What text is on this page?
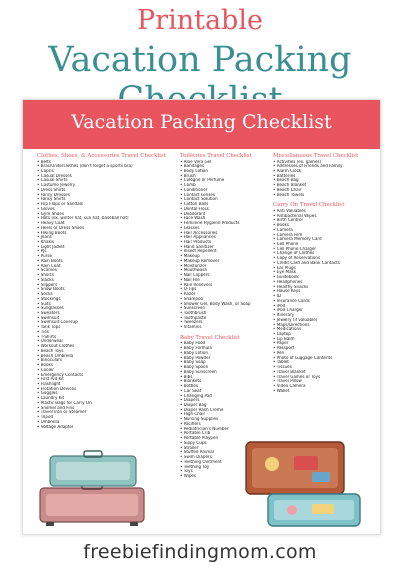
Printable
Vacation Packing
Vacation Packing Checklist
Clothes, Shoes, & Accessories Travel Checklist
• Belts
• Bras/Underclothes (don't forget a sports bra)
• Capris
• Casual Dresses
• Casual Shirts
• Costume Jewelry
• Dress Shirts
• Fancy Dresses
• Fancy Shirts
• Flip Flops or Sandals
• Gloves
• Gym Shoes
• Hats (ex. winter hat, sun hat, baseball hat)
• Heavy Coat
• Heels or Dress Shoes
• Hiking Boots
• Jeans
• Khakis
• Light Jacket
• PJs
• Purse
• Rain Boots
• Rain Coat
• Scarves
• Shorts
• Slacks
• Slippers
• Snow Boots
• Socks
• Stockings
• Suits
• Sunglasses
• Sweaters
• Swimsuit
• Swimsuit Coverup
• Tank Tops
• Ties
• T-Shirts
• Underwear
• Workout Clothes
• Beach Toys
• Beach Umbrella
• Binoculars
• Books
• Cooler
• Emergency Contacts
• First Aid Kit
• Flashlight
• Flotation Devices
• Goggles
• Laundry Kit
• Plastic Bags for Carry On
• Snorkel and Fins
• Travel Iron or Steamer
• Tripod
• Umbrella
• Voltage Adapter
Toiletries Travel Checklist
• Aloe Vera Gel
• Bandages
• Body Lotion
• Brush
• Cologne or Perfume
• Comb
• Conditioner
• Contact Lenses
• Contact Solution
• Cotton Balls
• Dental Floss
• Deodorant
• Face Wash
• Feminine Hygiene Products
• Glasses
• Hair Accessories
• Hair Appliances
• Hair Products
• Hand Sanitizer
• Insect Repellent
• Makeup
• Makeup Remover
• Moisturizer
• Mouthwash
• Nail Clippers
• Nail File
• Pain Relievers
• Q-Tips
• Razor
• Shampoo
• Shower Gel, Body Wash, or Soap
• Sunscreen
• Toothbrush
• Toothpaste
• Tweezers
• Vitamins
Baby Travel Checklist
• Baby Food
• Baby Formula
• Baby Lotion
• Baby Powder
• Baby Soap
• Baby Spoon
• Baby Sunscreen
• Bibs
• Blankets
• Bottles
• Car Seat
• Changing Pad
• Diapers
• Diaper Bag
• Diaper Rash Creme
• High Chair
• Nursing Supplies
• Pacifiers
• Pediatrician's Number
• Portable Crib
• Portable Playpen
• Sippy Cups
• Stroller
• Stuffed Animal
• Swim Diapers
• Teething Ointment
• Teething Toy
• Toys
• Wipes
Miscellaneous Travel Checklist
• Activities (ex. games)
• Addresses of Friends and Family
• Alarm Clock
• Batteries
• Beach Bag
• Beach Blanket
• Beach Chair
• Beach Towels
Carry On Travel Checklist
• Anti Valuables
• Antibacterial Wipes
• Birth Control
• Books
• Camera
• Camera Film
• Camera Memory Card
• Cell Phone
• Cell Phone Charger
• Change of Clothes
• Copy of Reservations
• Credit Card and Bank Contacts
• Ear Plugs
• Eye Mask
• Guidebook
• Headphones
• Healthy Snacks
• House Keys
• ID
• Insurance Cards
• iPod
• iPod Charger
• Itinerary
• Jewelry (if valuable)
• Maps/Directions
• Medications
• Laptop
• Lip Balm
• Paper
• Passport
• Pen
• Photo of Luggage Contents
• Tablet
• Tissues
• Travel Blanket
• Travel Games or Toys
• Travel Pillow
• Video Camera
• Wallet
freebiefindingmom.com
